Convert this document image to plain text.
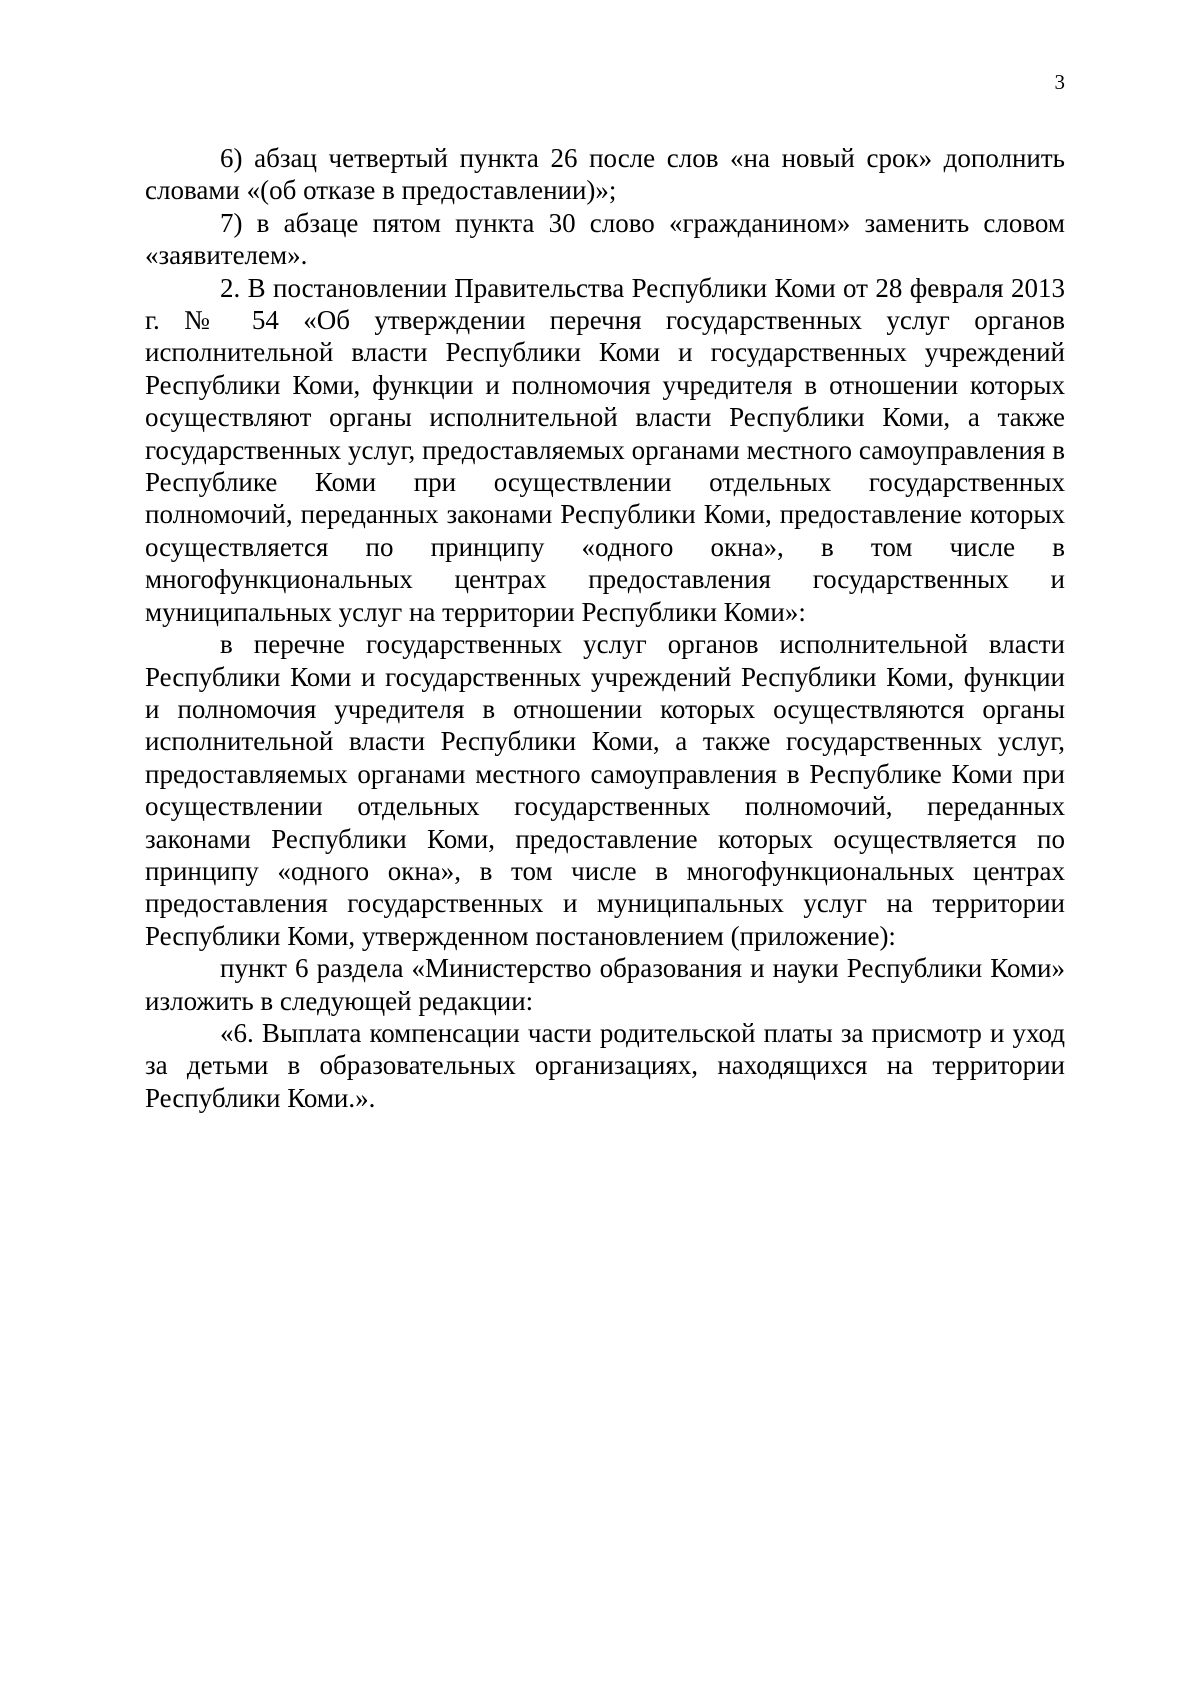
3

6) абзац четвертый пункта 26 после слов «на новый срок» дополнить словами «(об отказе в предоставлении)»;

7) в абзаце пятом пункта 30 слово «гражданином» заменить словом «заявителем».

2. В постановлении Правительства Республики Коми от 28 февраля 2013 г. № 54 «Об утверждении перечня государственных услуг органов исполнительной власти Республики Коми и государственных учреждений Республики Коми, функции и полномочия учредителя в отношении которых осуществляют органы исполнительной власти Республики Коми, а также государственных услуг, предоставляемых органами местного самоуправления в Республике Коми при осуществлении отдельных государственных полномочий, переданных законами Республики Коми, предоставление которых осуществляется по принципу «одного окна», в том числе в многофункциональных центрах предоставления государственных и муниципальных услуг на территории Республики Коми»:

в перечне государственных услуг органов исполнительной власти Республики Коми и государственных учреждений Республики Коми, функции и полномочия учредителя в отношении которых осуществляются органы исполнительной власти Республики Коми, а также государственных услуг, предоставляемых органами местного самоуправления в Республике Коми при осуществлении отдельных государственных полномочий, переданных законами Республики Коми, предоставление которых осуществляется по принципу «одного окна», в том числе в многофункциональных центрах предоставления государственных и муниципальных услуг на территории Республики Коми, утвержденном постановлением (приложение):

пункт 6 раздела «Министерство образования и науки Республики Коми» изложить в следующей редакции:

«6. Выплата компенсации части родительской платы за присмотр и уход за детьми в образовательных организациях, находящихся на территории Республики Коми.».
